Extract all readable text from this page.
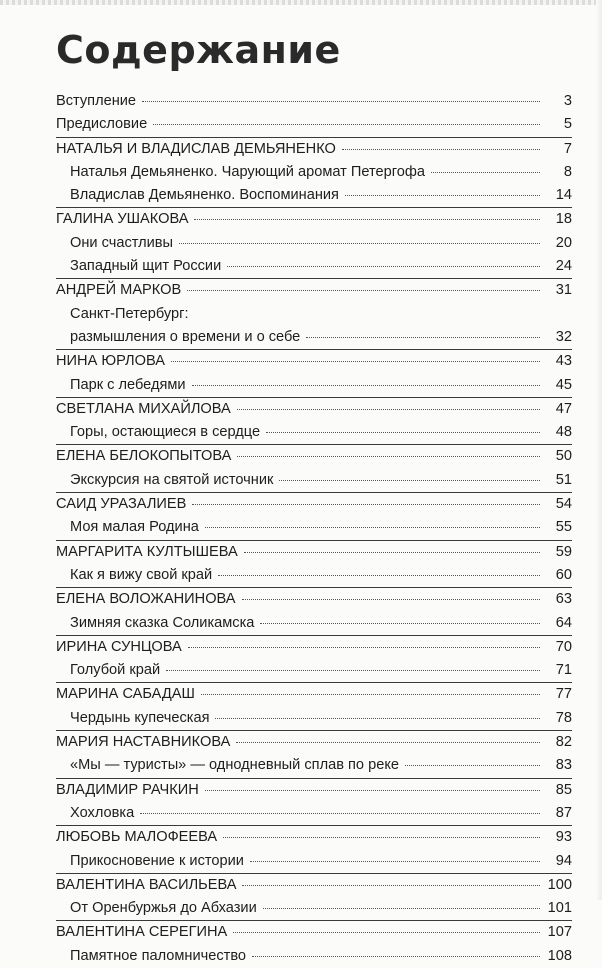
Содержание
Вступление	3
Предисловие	5
НАТАЛЬЯ И ВЛАДИСЛАВ ДЕМЬЯНЕНКО	7
Наталья Демьяненко. Чарующий аромат Петергофа	8
Владислав Демьяненко. Воспоминания	14
ГАЛИНА УШАКОВА	18
Они счастливы	20
Западный щит России	24
АНДРЕЙ МАРКОВ	31
Санкт-Петербург:
размышления о времени и о себе	32
НИНА ЮРЛОВА	43
Парк с лебедями	45
СВЕТЛАНА МИХАЙЛОВА	47
Горы, остающиеся в сердце	48
ЕЛЕНА БЕЛОКОПЫТОВА	50
Экскурсия на святой источник	51
САИД УРАЗАЛИЕВ	54
Моя малая Родина	55
МАРГАРИТА КУЛТЫШЕВА	59
Как я вижу свой край	60
ЕЛЕНА ВОЛОЖАНИНОВА	63
Зимняя сказка Соликамска	64
ИРИНА СУНЦОВА	70
Голубой край	71
МАРИНА САБАДАШ	77
Чердынь купеческая	78
МАРИЯ НАСТАВНИКОВА	82
«Мы — туристы» — однодневный сплав по реке	83
ВЛАДИМИР РАЧКИН	85
Хохловка	87
ЛЮБОВЬ МАЛОФЕЕВА	93
Прикосновение к истории	94
ВАЛЕНТИНА ВАСИЛЬЕВА	100
От Оренбуржья до Абхазии	101
ВАЛЕНТИНА СЕРЕГИНА	107
Памятное паломничество	108
